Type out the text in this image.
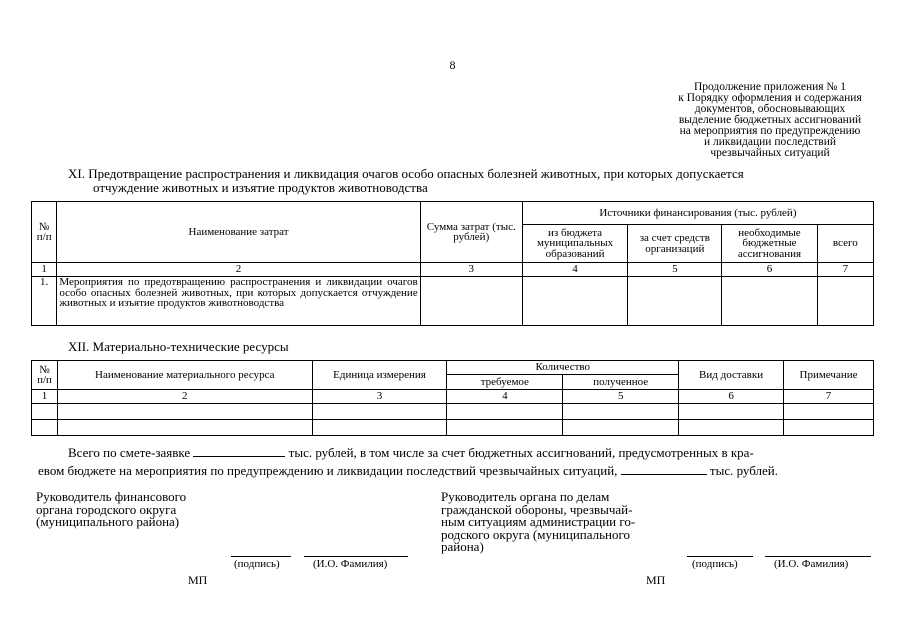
8
Продолжение приложения № 1
к Порядку оформления и содержания
документов, обосновывающих
выделение бюджетных ассигнований
на мероприятия по предупреждению
и ликвидации последствий
чрезвычайных ситуаций
XI. Предотвращение распространения и ликвидация очагов особо опасных болезней животных, при которых допускается
отчуждение животных и изъятие продуктов животноводства
№ п/п	Наименование затрат	Сумма затрат (тыс. рублей)	Источники финансирования (тыс. рублей)			
			из бюджета муниципальных образований	за счет средств организаций	необходимые бюджетные ассигнования	всего
1	2	3	4	5	6	7
1.	Мероприятия по предотвращению распространения и ликвидации очагов особо опасных болезней животных, при которых допускается отчуждение животных и изъятие продуктов животноводства					
XII. Материально-технические ресурсы
№ п/п	Наименование материального ресурса	Единица измерения	Количество		Вид доставки	Примечание
			требуемое	полученное		
1	2	3	4	5	6	7

Всего по смете-заявке	тыс. рублей, в том числе за счет бюджетных ассигнований, предусмотренных в кра-
евом бюджете на мероприятия по предупреждению и ликвидации последствий чрезвычайных ситуаций,	тыс. рублей.
Руководитель финансового
органа городского округа
(муниципального района)
Руководитель органа по делам
гражданской обороны, чрезвычай-
ным ситуациям администрации го-
родского округа (муниципального
района)
(подпись)	(И.О. Фамилия)
МП
(подпись)	(И.О. Фамилия)
МП
